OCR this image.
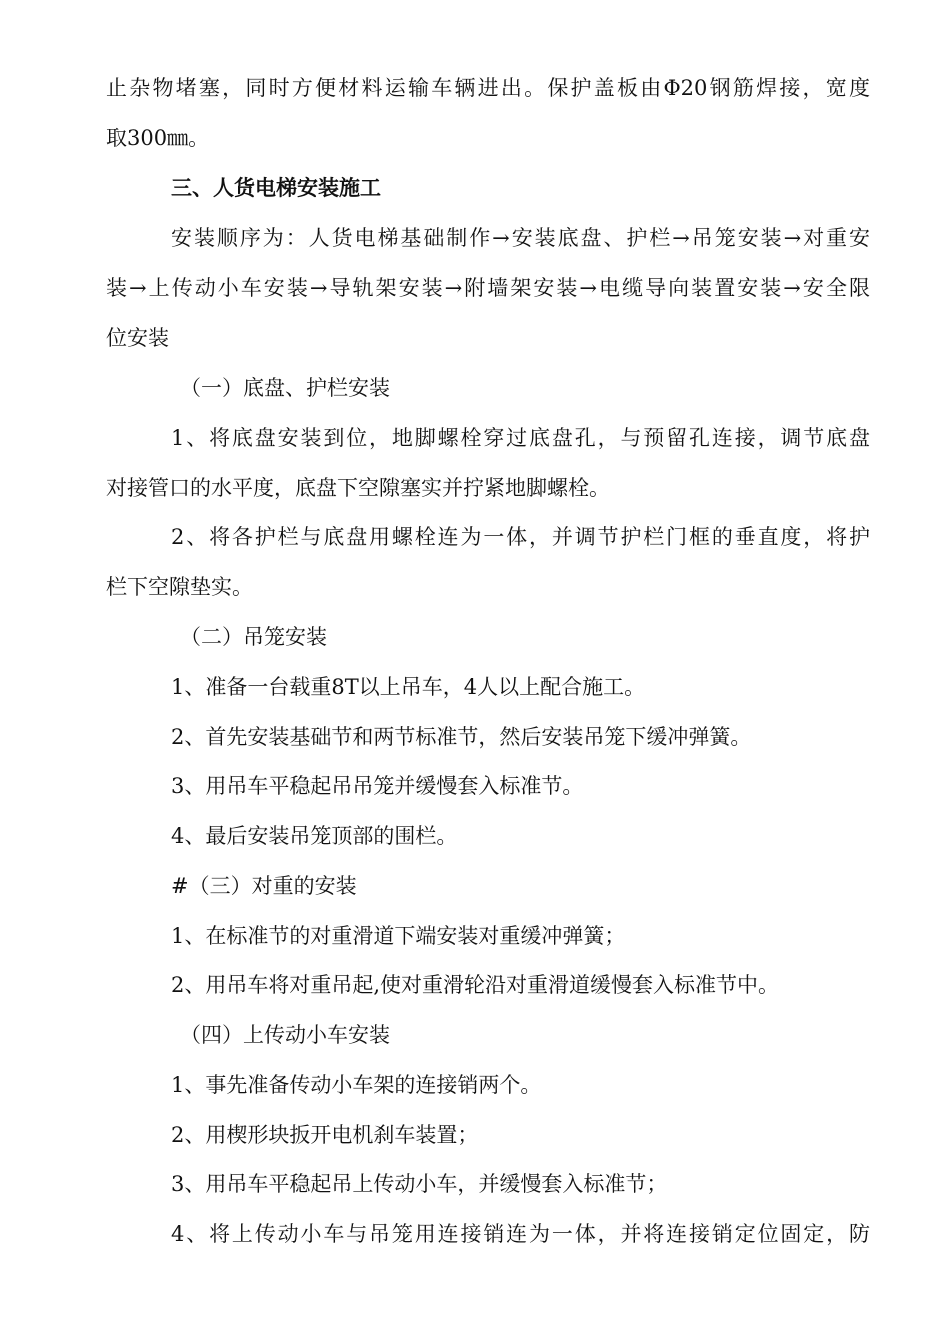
止杂物堵塞，同时方便材料运输车辆进出。保护盖板由Φ20钢筋焊接，宽度
取300㎜。
三、人货电梯安装施工
安装顺序为：人货电梯基础制作→安装底盘、护栏→吊笼安装→对重安
装→上传动小车安装→导轨架安装→附墙架安装→电缆导向装置安装→安全限
位安装
（一）底盘、护栏安装
1、将底盘安装到位，地脚螺栓穿过底盘孔，与预留孔连接，调节底盘
对接管口的水平度，底盘下空隙塞实并拧紧地脚螺栓。
2、将各护栏与底盘用螺栓连为一体，并调节护栏门框的垂直度，将护
栏下空隙垫实。
（二）吊笼安装
1、准备一台载重8T以上吊车，4人以上配合施工。
2、首先安装基础节和两节标准节，然后安装吊笼下缓冲弹簧。
3、用吊车平稳起吊吊笼并缓慢套入标准节。
4、最后安装吊笼顶部的围栏。
#（三）对重的安装
1、在标准节的对重滑道下端安装对重缓冲弹簧；
2、用吊车将对重吊起,使对重滑轮沿对重滑道缓慢套入标准节中。
（四）上传动小车安装
1、事先准备传动小车架的连接销两个。
2、用楔形块扳开电机刹车装置；
3、用吊车平稳起吊上传动小车，并缓慢套入标准节；
4、将上传动小车与吊笼用连接销连为一体，并将连接销定位固定，防
